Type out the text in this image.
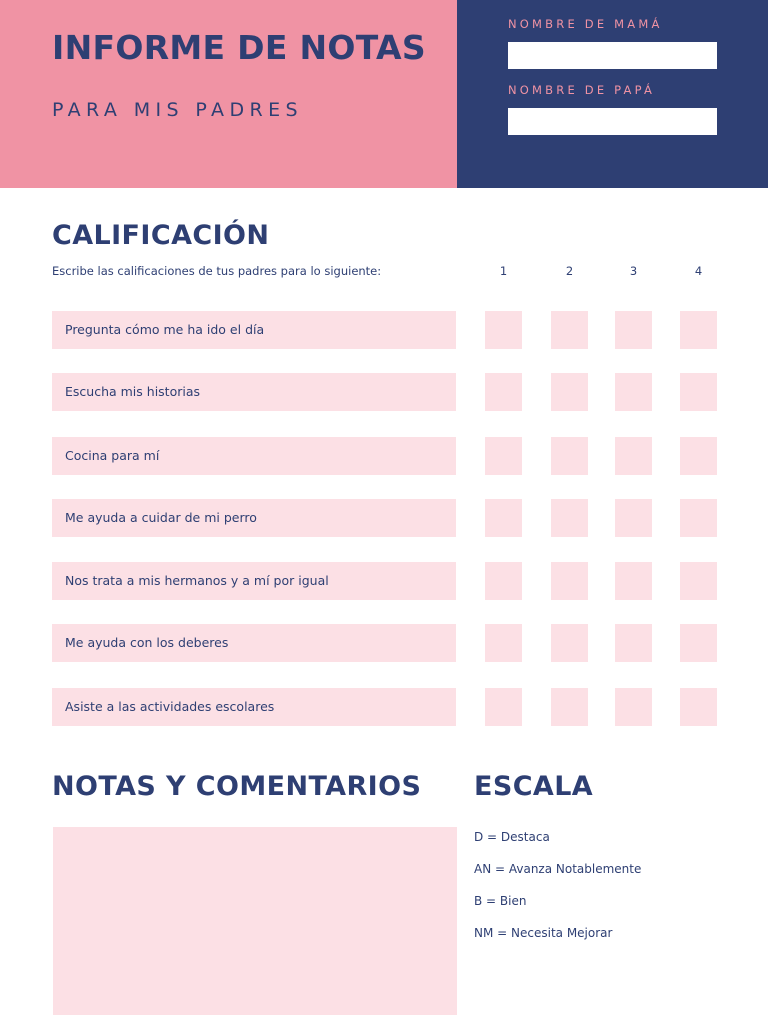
INFORME DE NOTAS
PARA MIS PADRES
NOMBRE DE MAMÁ
NOMBRE DE PAPÁ
CALIFICACIÓN
Escribe las calificaciones de tus padres para lo siguiente:	1	2	3	4
Pregunta cómo me ha ido el día
Escucha mis historias
Cocina para mí
Me ayuda a cuidar de mi perro
Nos trata a mis hermanos y a mí por igual
Me ayuda con los deberes
Asiste a las actividades escolares
NOTAS Y COMENTARIOS ESCALA
D = Destaca
AN = Avanza Notablemente
B = Bien
NM = Necesita Mejorar
